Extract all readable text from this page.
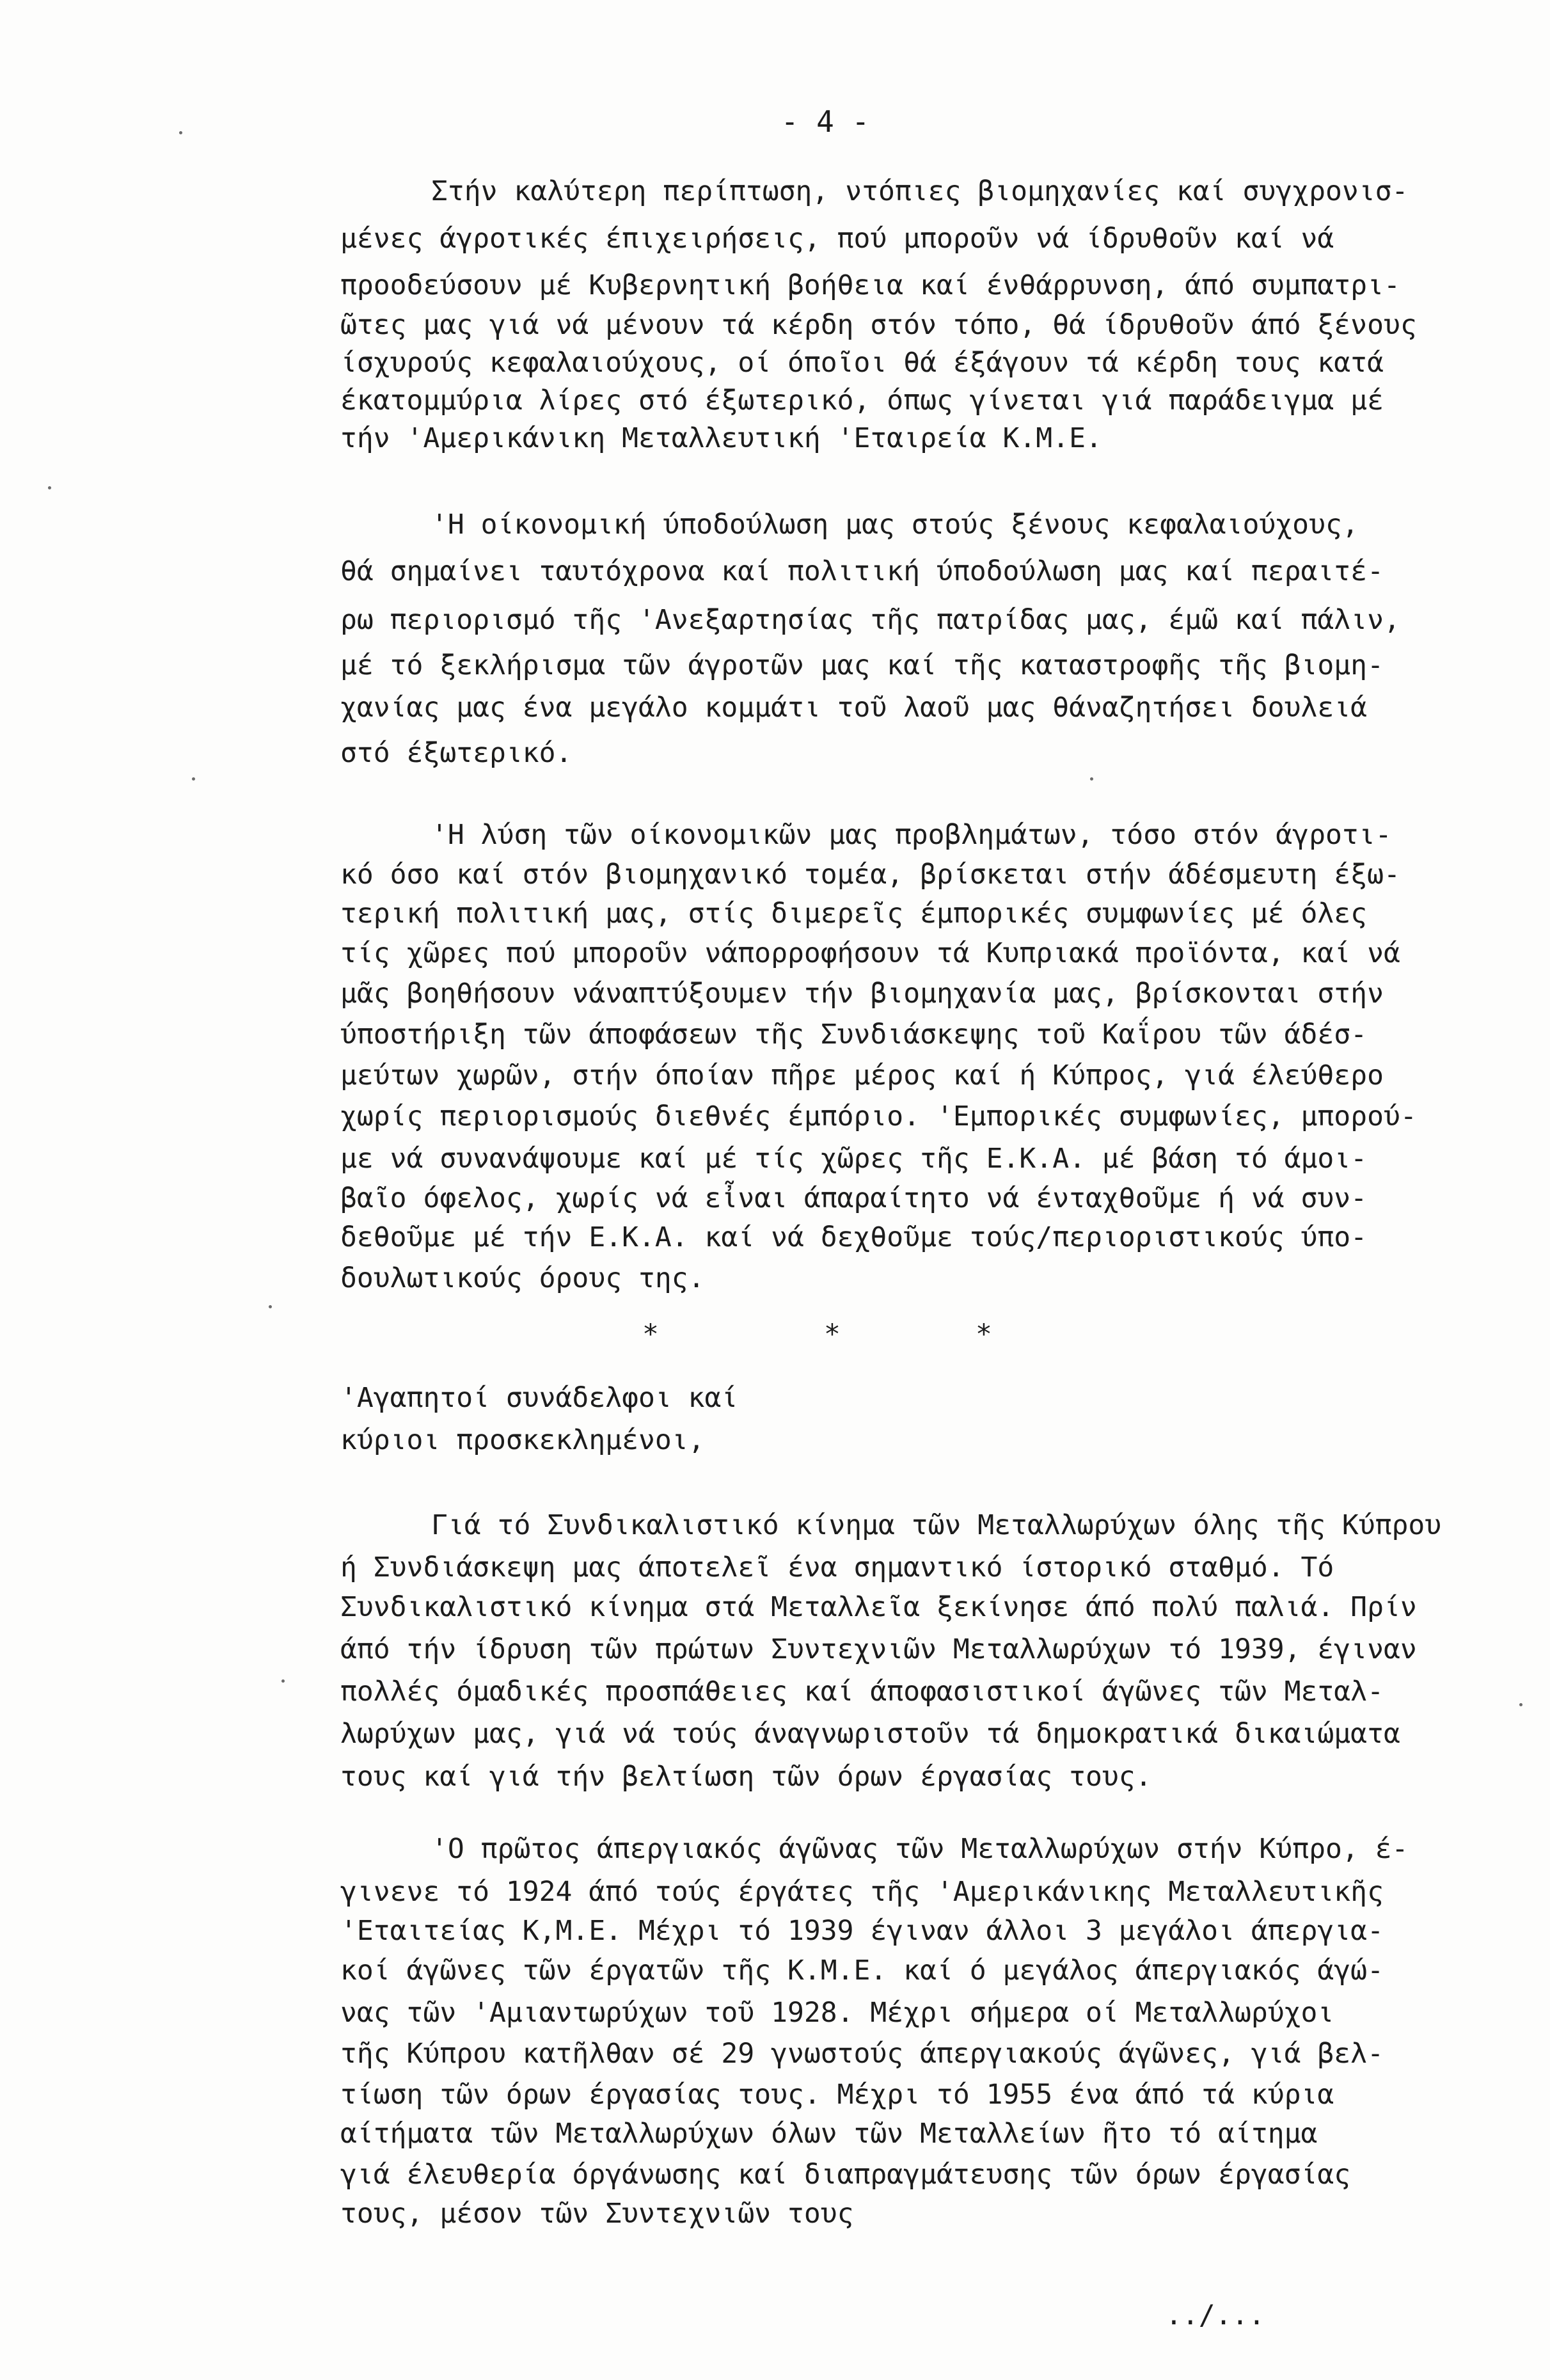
- 4 -
Στήν καλύτερη περίπτωση, ντόπιες βιομηχανίες καί συγχρονισ-
μένες άγροτικές έπιχειρήσεις, πού μποροῦν νά ίδρυθοῦν καί νά
προοδεύσουν μέ Κυβερνητική βοήθεια καί ένθάρρυνση, άπό συμπατρι-
ῶτες μας γιά νά μένουν τά κέρδη στόν τόπο, θά ίδρυθοῦν άπό ξένους
ίσχυρούς κεφαλαιούχους, οί όποῖοι θά έξάγουν τά κέρδη τους κατά
έκατομμύρια λίρες στό έξωτερικό, όπως γίνεται γιά παράδειγμα μέ
τήν 'Αμερικάνικη Μεταλλευτική 'Εταιρεία Κ.Μ.Ε.
'Η οίκονομική ύποδούλωση μας στούς ξένους κεφαλαιούχους,
θά σημαίνει ταυτόχρονα καί πολιτική ύποδούλωση μας καί περαιτέ-
ρω περιορισμό τῆς 'Ανεξαρτησίας τῆς πατρίδας μας, έμῶ καί πάλιν,
μέ τό ξεκλήρισμα τῶν άγροτῶν μας καί τῆς καταστροφῆς τῆς βιομη-
χανίας μας ένα μεγάλο κομμάτι τοῦ λαοῦ μας θάναζητήσει δουλειά
στό έξωτερικό.
'Η λύση τῶν οίκονομικῶν μας προβλημάτων, τόσο στόν άγροτι-
κό όσο καί στόν βιομηχανικό τομέα, βρίσκεται στήν άδέσμευτη έξω-
τερική πολιτική μας, στίς διμερεῖς έμπορικές συμφωνίες μέ όλες
τίς χῶρες πού μποροῦν νάπορροφήσουν τά Κυπριακά προϊόντα, καί νά
μᾶς βοηθήσουν νάναπτύξουμεν τήν βιομηχανία μας, βρίσκονται στήν
ύποστήριξη τῶν άποφάσεων τῆς Συνδιάσκεψης τοῦ Καΐρου τῶν άδέσ-
μεύτων χωρῶν, στήν όποίαν πῆρε μέρος καί ή Κύπρος, γιά έλεύθερο
χωρίς περιορισμούς διεθνές έμπόριο. 'Εμπορικές συμφωνίες, μπορού-
με νά συνανάψουμε καί μέ τίς χῶρες τῆς Ε.Κ.Α. μέ βάση τό άμοι-
βαῖο όφελος, χωρίς νά εἶναι άπαραίτητο νά ένταχθοῦμε ή νά συν-
δεθοῦμε μέ τήν Ε.Κ.Α. καί νά δεχθοῦμε τούς/περιοριστικούς ύπο-
δουλωτικούς όρους της.
Γιά τό Συνδικαλιστικό κίνημα τῶν Μεταλλωρύχων όλης τῆς Κύπρου
ή Συνδιάσκεψη μας άποτελεῖ ένα σημαντικό ίστορικό σταθμό. Τό
Συνδικαλιστικό κίνημα στά Μεταλλεῖα ξεκίνησε άπό πολύ παλιά. Πρίν
άπό τήν ίδρυση τῶν πρώτων Συντεχνιῶν Μεταλλωρύχων τό 1939, έγιναν
πολλές όμαδικές προσπάθειες καί άποφασιστικοί άγῶνες τῶν Μεταλ-
λωρύχων μας, γιά νά τούς άναγνωριστοῦν τά δημοκρατικά δικαιώματα
τους καί γιά τήν βελτίωση τῶν όρων έργασίας τους.
'Ο πρῶτος άπεργιακός άγῶνας τῶν Μεταλλωρύχων στήν Κύπρο, έ-
γινενε τό 1924 άπό τούς έργάτες τῆς 'Αμερικάνικης Μεταλλευτικῆς
'Εταιτείας Κ,Μ.Ε. Μέχρι τό 1939 έγιναν άλλοι 3 μεγάλοι άπεργια-
κοί άγῶνες τῶν έργατῶν τῆς Κ.Μ.Ε. καί ό μεγάλος άπεργιακός άγώ-
νας τῶν 'Αμιαντωρύχων τοῦ 1928. Μέχρι σήμερα οί Μεταλλωρύχοι
τῆς Κύπρου κατῆλθαν σέ 29 γνωστούς άπεργιακούς άγῶνες, γιά βελ-
τίωση τῶν όρων έργασίας τους. Μέχρι τό 1955 ένα άπό τά κύρια
αίτήματα τῶν Μεταλλωρύχων όλων τῶν Μεταλλείων ῆτο τό αίτημα
γιά έλευθερία όργάνωσης καί διαπραγμάτευσης τῶν όρων έργασίας
τους, μέσον τῶν Συντεχνιῶν τους
*	*	*
'Αγαπητοί συνάδελφοι καί
κύριοι προσκεκλημένοι,
../...
